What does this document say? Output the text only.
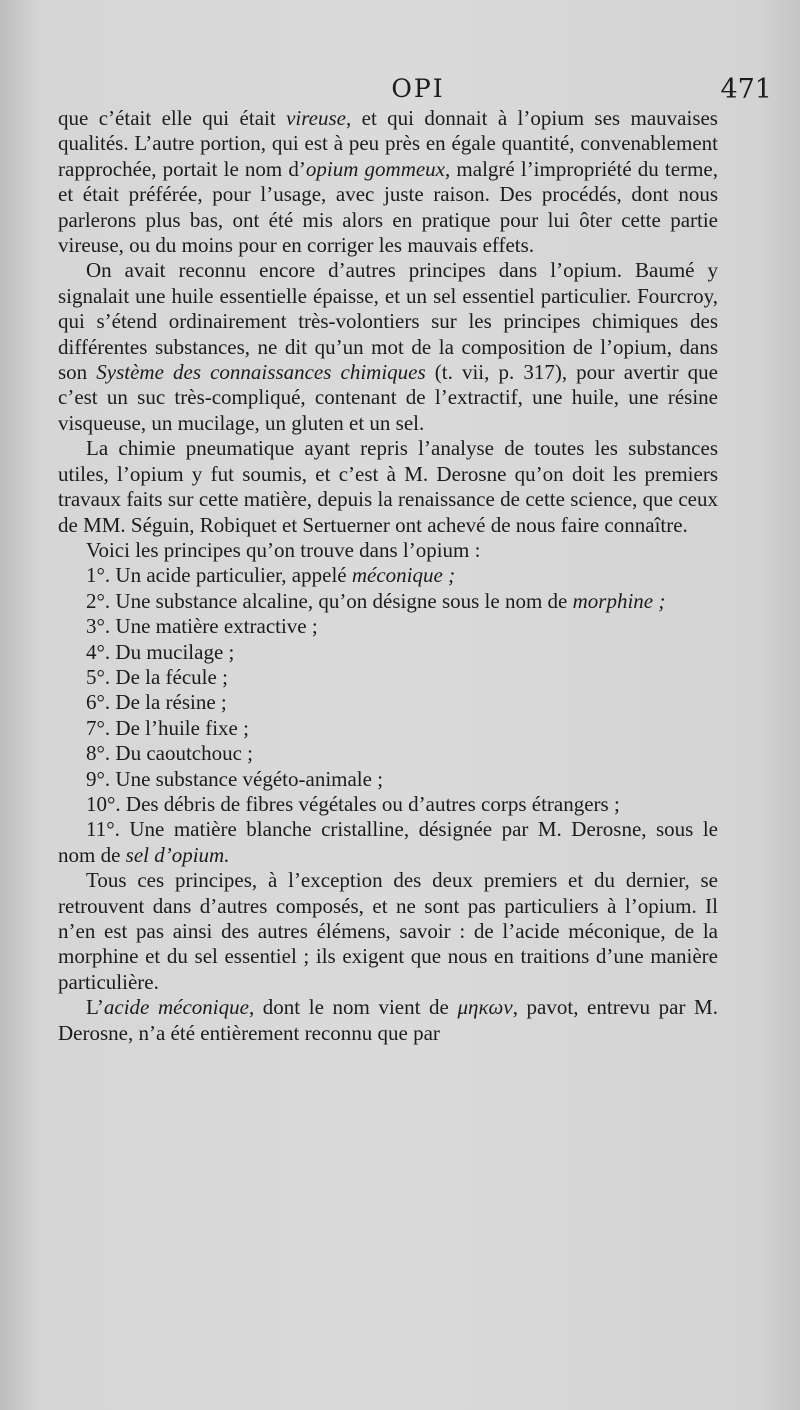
OPI	471

que c’était elle qui était vireuse, et qui donnait à l’opium ses mauvaises qualités. L’autre portion, qui est à peu près en égale quantité, convenablement rapprochée, portait le nom d’opium gommeux, malgré l’impropriété du terme, et était préférée, pour l’usage, avec juste raison. Des procédés, dont nous parlerons plus bas, ont été mis alors en pratique pour lui ôter cette partie vireuse, ou du moins pour en corriger les mauvais effets.

On avait reconnu encore d’autres principes dans l’opium. Baumé y signalait une huile essentielle épaisse, et un sel essentiel particulier. Fourcroy, qui s’étend ordinairement très-volontiers sur les principes chimiques des différentes substances, ne dit qu’un mot de la composition de l’opium, dans son Système des connaissances chimiques (t. vii, p. 317), pour avertir que c’est un suc très-compliqué, contenant de l’extractif, une huile, une résine visqueuse, un mucilage, un gluten et un sel.

La chimie pneumatique ayant repris l’analyse de toutes les substances utiles, l’opium y fut soumis, et c’est à M. Derosne qu’on doit les premiers travaux faits sur cette matière, depuis la renaissance de cette science, que ceux de MM. Séguin, Robiquet et Sertuerner ont achevé de nous faire connaître.

Voici les principes qu’on trouve dans l’opium :

1°. Un acide particulier, appelé méconique ;

2°. Une substance alcaline, qu’on désigne sous le nom de morphine ;

3°. Une matière extractive ;

4°. Du mucilage ;

5°. De la fécule ;

6°. De la résine ;

7°. De l’huile fixe ;

8°. Du caoutchouc ;

9°. Une substance végéto-animale ;

10°. Des débris de fibres végétales ou d’autres corps étrangers ;

11°. Une matière blanche cristalline, désignée par M. Derosne, sous le nom de sel d’opium.

Tous ces principes, à l’exception des deux premiers et du dernier, se retrouvent dans d’autres composés, et ne sont pas particuliers à l’opium. Il n’en est pas ainsi des autres élémens, savoir : de l’acide méconique, de la morphine et du sel essentiel ; ils exigent que nous en traitions d’une manière particulière.

L’acide méconique, dont le nom vient de μηκων, pavot, entrevu par M. Derosne, n’a été entièrement reconnu que par
